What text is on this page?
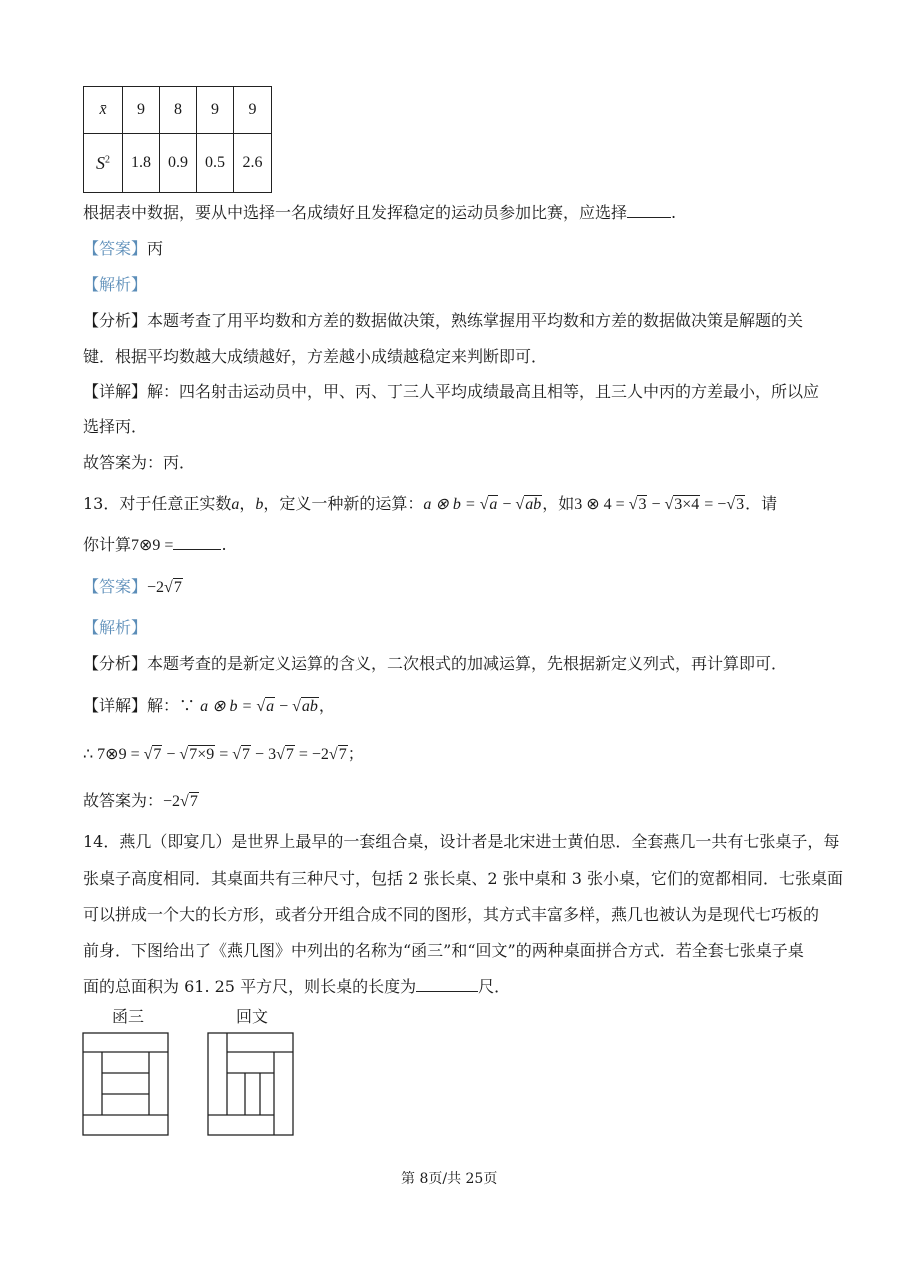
x̄	9	8	9	9
$S^2$	1.8	0.9	0.5	2.6
根据表中数据，要从中选择一名成绩好且发挥稳定的运动员参加比赛，应选择	.
【答案】丙
【解析】
【分析】本题考查了用平均数和方差的数据做决策，熟练掌握用平均数和方差的数据做决策是解题的关
键．根据平均数越大成绩越好，方差越小成绩越稳定来判断即可．
【详解】解：四名射击运动员中，甲、丙、丁三人平均成绩最高且相等，且三人中丙的方差最小，所以应
选择丙．
故答案为：丙．
13．对于任意正实数a，b，定义一种新的运算：a ⊗ b = √a − √ab，如3 ⊗ 4 = √3 − √3×4 = −√3．请
你计算7⊗9 =	.
【答案】−2√7
【解析】
【分析】本题考查的是新定义运算的含义，二次根式的加减运算，先根据新定义列式，再计算即可．
【详解】解：∵ a ⊗ b = √a − √ab，
∴ 7⊗9 = √7 − √7×9 = √7 − 3√7 = −2√7；
故答案为：−2√7
14．燕几（即宴几）是世界上最早的一套组合桌，设计者是北宋进士黄伯思．全套燕几一共有七张桌子，每
张桌子高度相同．其桌面共有三种尺寸，包括 2 张长桌、2 张中桌和 3 张小桌，它们的宽都相同．七张桌面
可以拼成一个大的长方形，或者分开组合成不同的图形，其方式丰富多样，燕几也被认为是现代七巧板的
前身．下图给出了《燕几图》中列出的名称为“函三”和“回文”的两种桌面拼合方式．若全套七张桌子桌
面的总面积为 61. 25 平方尺，则长桌的长度为	尺．
函三	回文
第 8页/共 25页
